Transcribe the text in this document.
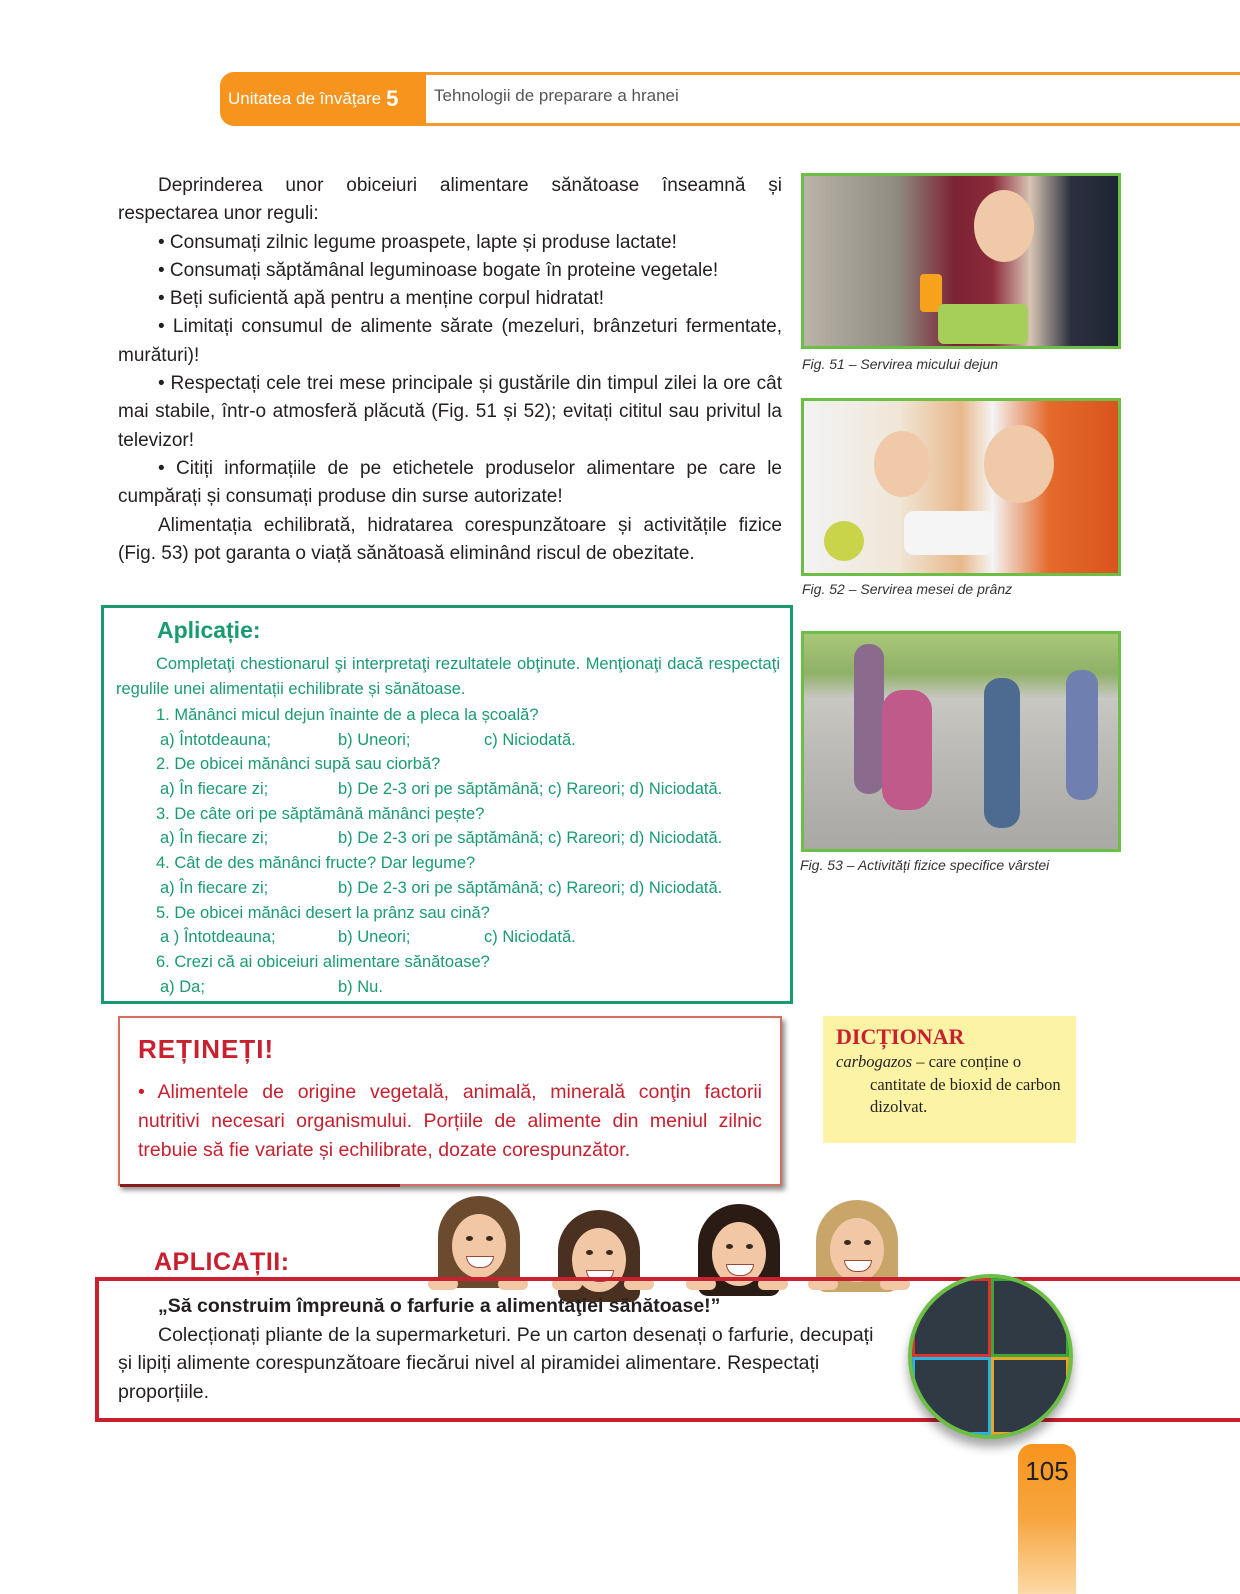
Unitatea de învăţare 5 Tehnologii de preparare a hranei

Deprinderea unor obiceiuri alimentare sănătoase înseamnă și respectarea unor reguli:

• Consumați zilnic legume proaspete, lapte și produse lactate!

• Consumați săptămânal leguminoase bogate în proteine vegetale!

• Beți suficientă apă pentru a menține corpul hidratat!

• Limitați consumul de alimente sărate (mezeluri, brânzeturi fermentate, murături)!

• Respectați cele trei mese principale și gustările din timpul zilei la ore cât mai stabile, într-o atmosferă plăcută (Fig. 51 și 52); evitați cititul sau privitul la televizor!

• Citiți informațiile de pe etichetele produselor alimentare pe care le cumpărați și consumați produse din surse autorizate!

Alimentația echilibrată, hidratarea corespunzătoare și activitățile fizice (Fig. 53) pot garanta o viață sănătoasă eliminând riscul de obezitate.

Fig. 51 – Servirea micului dejun
Fig. 52 – Servirea mesei de prânz
Fig. 53 – Activități fizice specifice vârstei
Aplicație:
Completaţi chestionarul şi interpretaţi rezultatele obţinute. Menţionaţi dacă respectaţi regulile unei alimentații echilibrate și sănătoase.
1. Mănânci micul dejun înainte de a pleca la școală?
a) Întotdeauna;	b) Uneori;	c) Niciodată.
2. De obicei mănânci supă sau ciorbă?
a) În fiecare zi;	b) De 2-3 ori pe săptămână; c) Rareori; d) Niciodată.
3. De câte ori pe săptămână mănânci pește?
a) În fiecare zi;	b) De 2-3 ori pe săptămână; c) Rareori; d) Niciodată.
4. Cât de des mănânci fructe? Dar legume?
a) În fiecare zi;	b) De 2-3 ori pe săptămână; c) Rareori; d) Niciodată.
5. De obicei mănâci desert la prânz sau cină?
a ) Întotdeauna;	b) Uneori;	c) Niciodată.
6. Crezi că ai obiceiuri alimentare sănătoase?
a) Da;	b) Nu.
REȚINEȚI!
• Alimentele de origine vegetală, animală, minerală conţin factorii nutritivi necesari organismului. Porțiile de alimente din meniul zilnic trebuie să fie variate și echilibrate, dozate corespunzător.
DICȚIONAR
carbogazos – care conține o
cantitate de bioxid de carbon dizolvat.
APLICAȚII:
„Să construim împreună o farfurie a alimentaţiei sănătoase!”
Colecționați pliante de la supermarketuri. Pe un carton desenați o farfurie, decupați și lipiți alimente corespunzătoare fiecărui nivel al piramidei alimentare. Respectați proporțiile.
105
